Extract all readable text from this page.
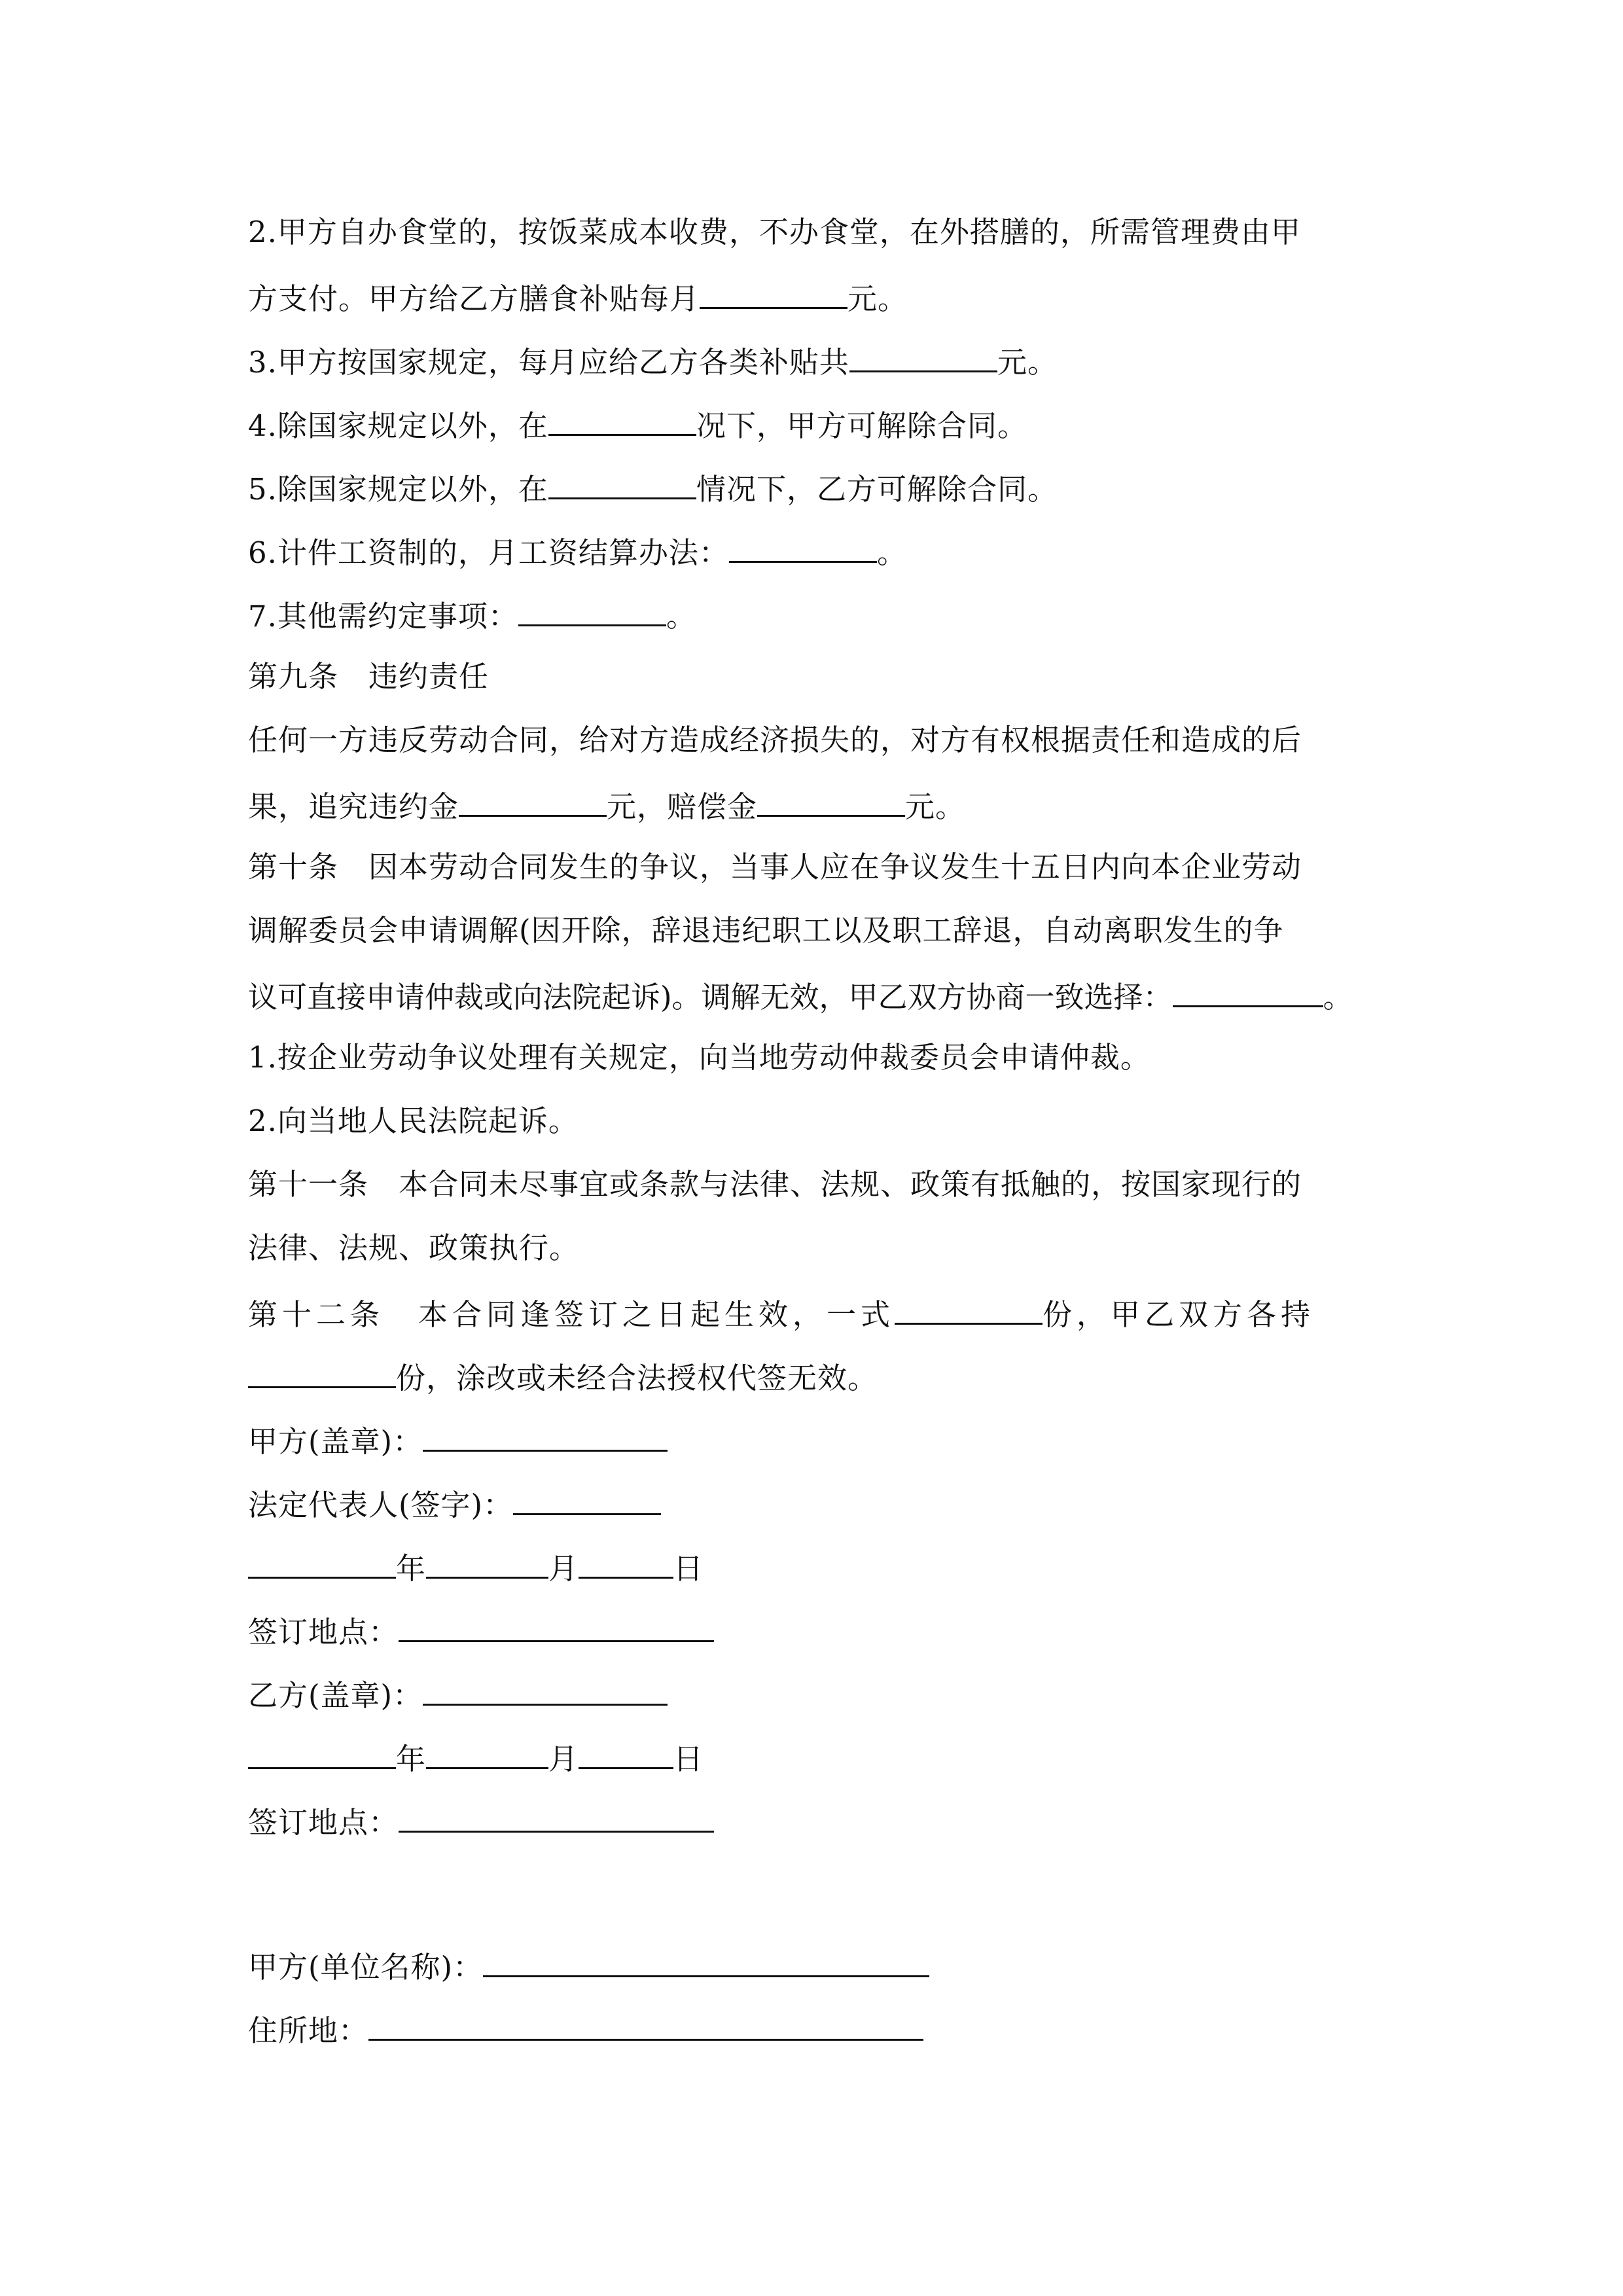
2.甲方自办食堂的，按饭菜成本收费，不办食堂，在外搭膳的，所需管理费由甲
方支付。甲方给乙方膳食补贴每月	元。
3.甲方按国家规定，每月应给乙方各类补贴共	元。
4.除国家规定以外，在	况下，甲方可解除合同。
5.除国家规定以外，在	情况下，乙方可解除合同。
6.计件工资制的，月工资结算办法：	。
7.其他需约定事项：	。
第九条　违约责任
任何一方违反劳动合同，给对方造成经济损失的，对方有权根据责任和造成的后
果，追究违约金	元，赔偿金	元。
第十条　因本劳动合同发生的争议，当事人应在争议发生十五日内向本企业劳动
调解委员会申请调解(因开除，辞退违纪职工以及职工辞退，自动离职发生的争
议可直接申请仲裁或向法院起诉)。调解无效，甲乙双方协商一致选择：	。
1.按企业劳动争议处理有关规定，向当地劳动仲裁委员会申请仲裁。
2.向当地人民法院起诉。
第十一条　本合同未尽事宜或条款与法律、法规、政策有抵触的，按国家现行的
法律、法规、政策执行。
第十二条　本合同逢签订之日起生效，一式	份，甲乙双方各持
份，涂改或未经合法授权代签无效。
甲方(盖章)：
法定代表人(签字)：
年	月	日
签订地点：
乙方(盖章)：
年	月	日
签订地点：
甲方(单位名称)：
住所地：
